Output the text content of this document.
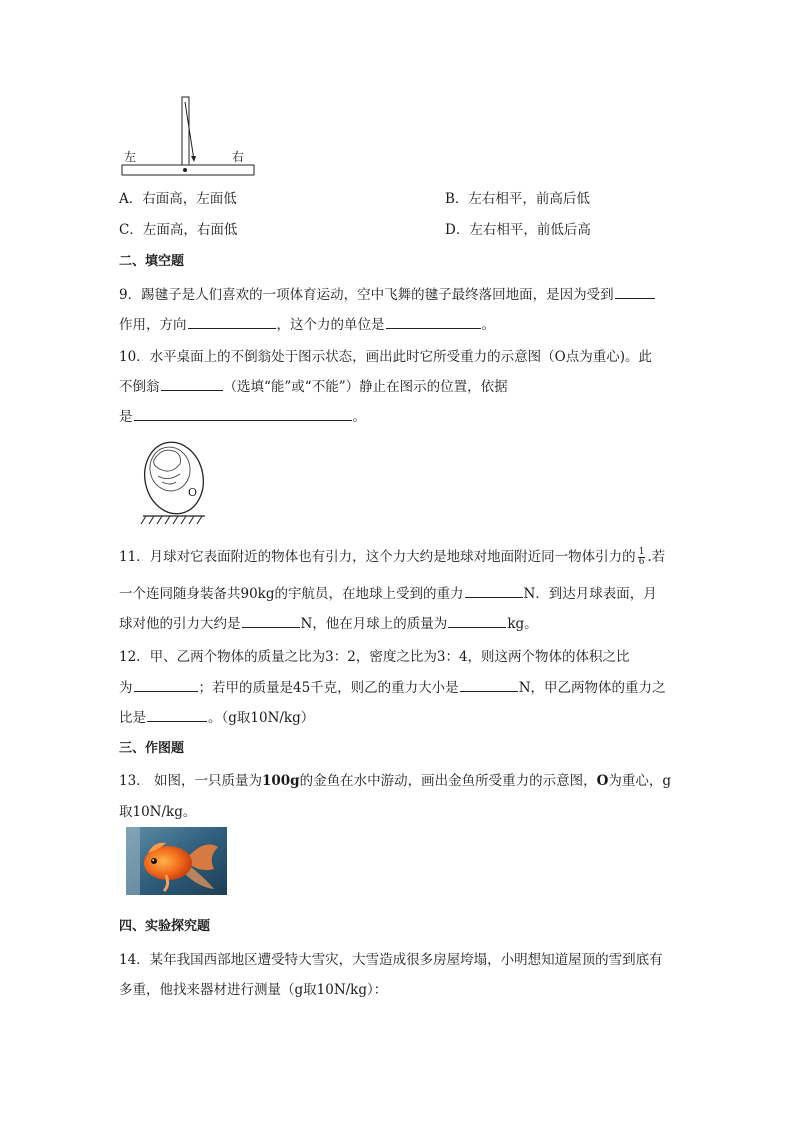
左	右
A．右面高，左面低	B．左右相平，前高后低
C．左面高，右面低	D．左右相平，前低后高
二、填空题
9．踢毽子是人们喜欢的一项体育运动，空中飞舞的毽子最终落回地面，是因为受到
作用，方向	，这个力的单位是	。
10．水平桌面上的不倒翁处于图示状态，画出此时它所受重力的示意图（O点为重心)。此
不倒翁	（选填“能”或“不能”）静止在图示的位置，依据
是	。
O
11．月球对它表面附近的物体也有引力，这个力大约是地球对地面附近同一物体引力的 $\frac{1}{6}$ .若
一个连同随身装备共90kg的宇航员，在地球上受到的重力	N．到达月球表面，月
球对他的引力大约是	N，他在月球上的质量为	kg。
12．甲、乙两个物体的质量之比为3：2，密度之比为3：4，则这两个物体的体积之比
为	；若甲的质量是45千克，则乙的重力大小是	N，甲乙两物体的重力之
比是	。（g取10N/kg）
三、作图题
13． 如图，一只质量为100g的金鱼在水中游动，画出金鱼所受重力的示意图，O为重心，g
取10N/kg。
四、实验探究题
14．某年我国西部地区遭受特大雪灾，大雪造成很多房屋垮塌，小明想知道屋顶的雪到底有
多重，他找来器材进行测量（g取10N/kg）：
